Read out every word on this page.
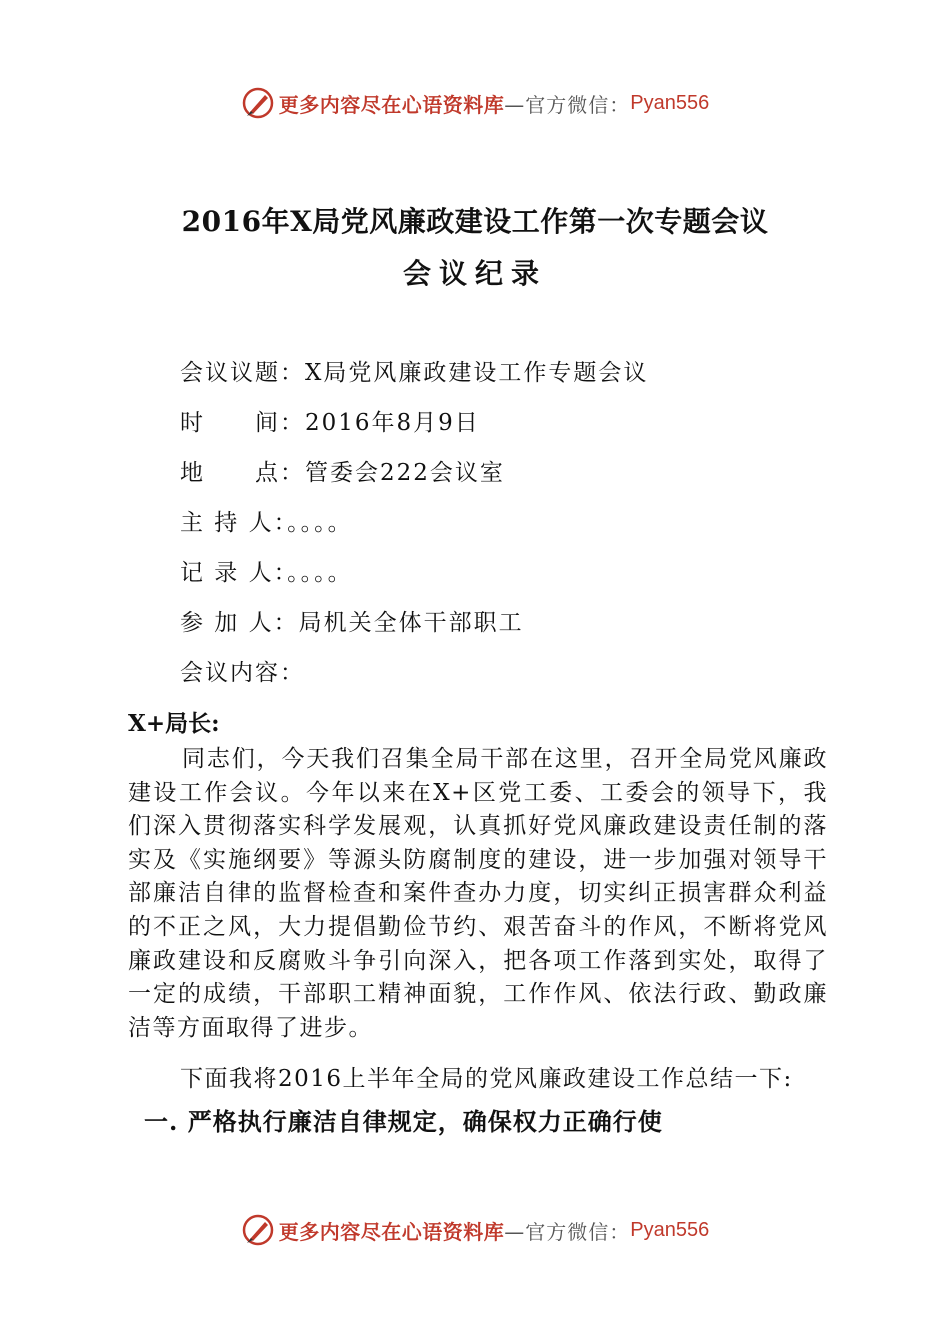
更多内容尽在心语资料库 —官方微信： Pyan556
2016年X局党风廉政建设工作第一次专题会议
会议纪录
会议议题：X局党风廉政建设工作专题会议
时　　间：2016年8月9日
地　　点：管委会222会议室
主 持 人：。。。。
记 录 人：。。。。
参 加 人：局机关全体干部职工
会议内容：
X+局长:
同志们，今天我们召集全局干部在这里，召开全局党风廉政建设工作会议。今年以来在X+区党工委、工委会的领导下，我们深入贯彻落实科学发展观，认真抓好党风廉政建设责任制的落实及《实施纲要》等源头防腐制度的建设，进一步加强对领导干部廉洁自律的监督检查和案件查办力度，切实纠正损害群众利益的不正之风，大力提倡勤俭节约、艰苦奋斗的作风，不断将党风廉政建设和反腐败斗争引向深入，把各项工作落到实处，取得了一定的成绩，干部职工精神面貌，工作作风、依法行政、勤政廉洁等方面取得了进步。
下面我将2016上半年全局的党风廉政建设工作总结一下:
一. 严格执行廉洁自律规定，确保权力正确行使
更多内容尽在心语资料库 —官方微信： Pyan556
